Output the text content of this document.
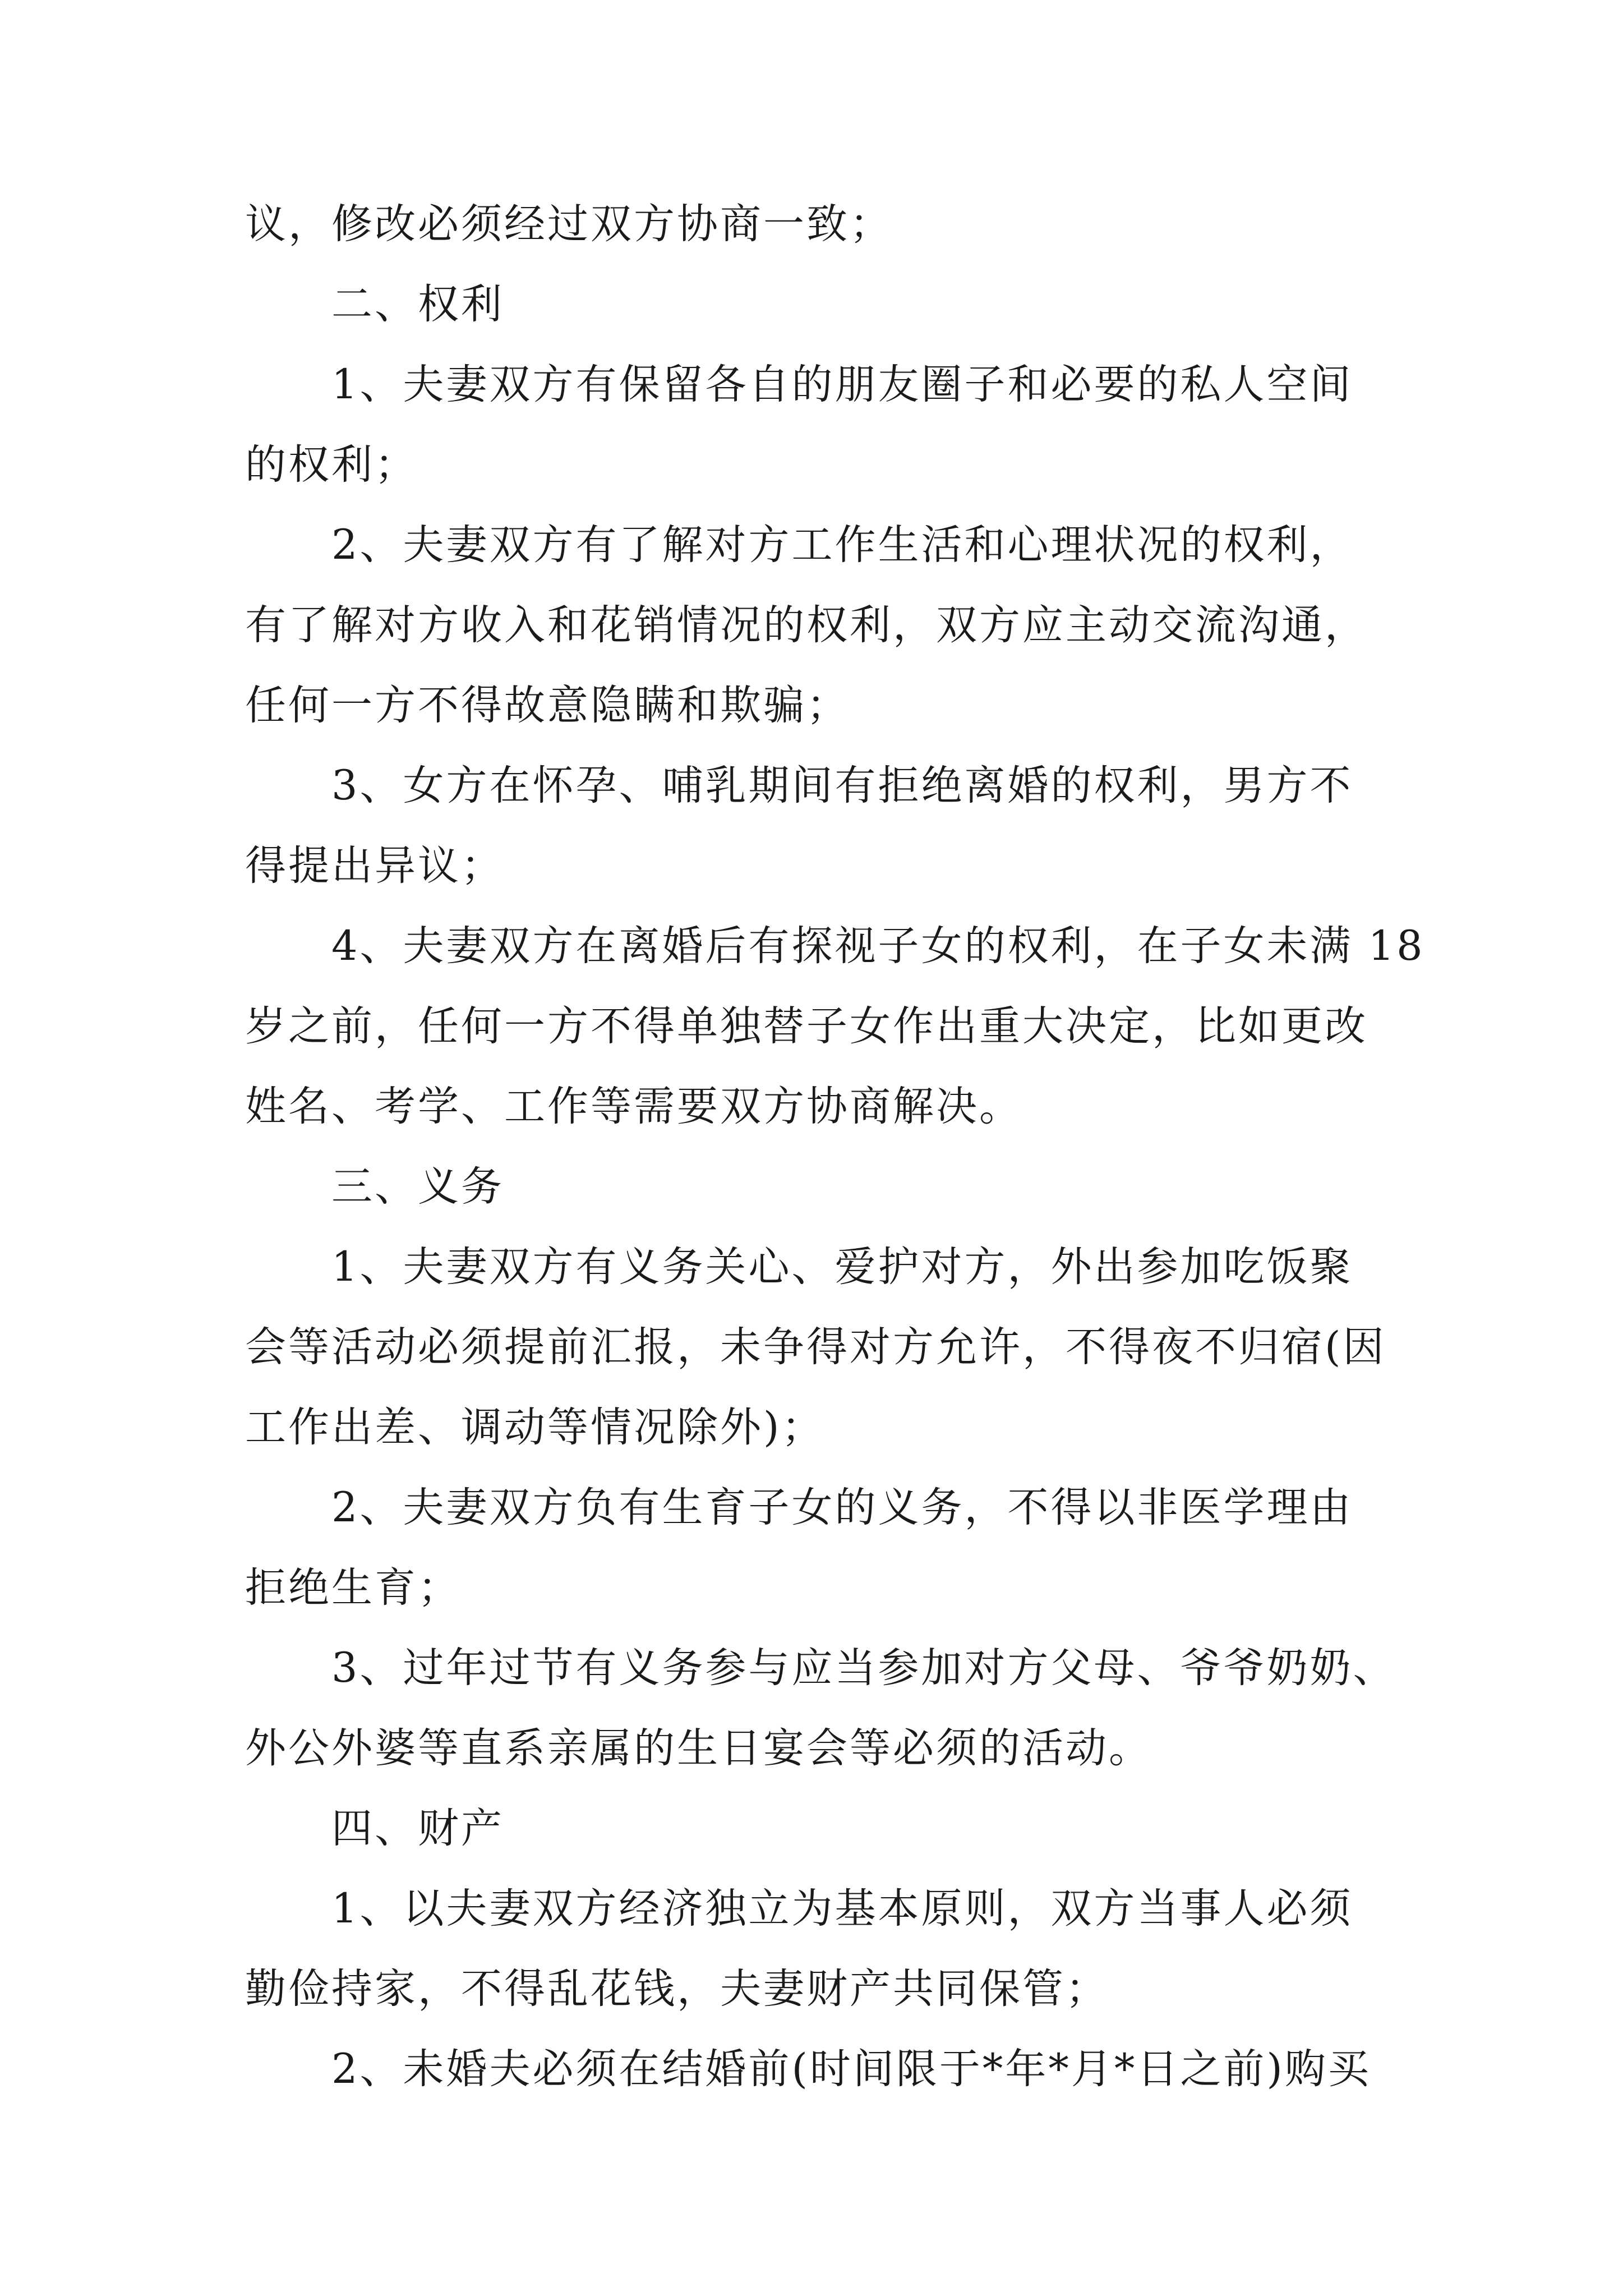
议，修改必须经过双方协商一致；
二、权利
1、夫妻双方有保留各自的朋友圈子和必要的私人空间
的权利；
2、夫妻双方有了解对方工作生活和心理状况的权利，
有了解对方收入和花销情况的权利，双方应主动交流沟通，
任何一方不得故意隐瞒和欺骗；
3、女方在怀孕、哺乳期间有拒绝离婚的权利，男方不
得提出异议；
4、夫妻双方在离婚后有探视子女的权利，在子女未满 18
岁之前，任何一方不得单独替子女作出重大决定，比如更改
姓名、考学、工作等需要双方协商解决。
三、义务
1、夫妻双方有义务关心、爱护对方，外出参加吃饭聚
会等活动必须提前汇报，未争得对方允许，不得夜不归宿(因
工作出差、调动等情况除外)；
2、夫妻双方负有生育子女的义务，不得以非医学理由
拒绝生育；
3、过年过节有义务参与应当参加对方父母、爷爷奶奶、
外公外婆等直系亲属的生日宴会等必须的活动。
四、财产
1、以夫妻双方经济独立为基本原则，双方当事人必须
勤俭持家，不得乱花钱，夫妻财产共同保管；
2、未婚夫必须在结婚前(时间限于*年*月*日之前)购买
